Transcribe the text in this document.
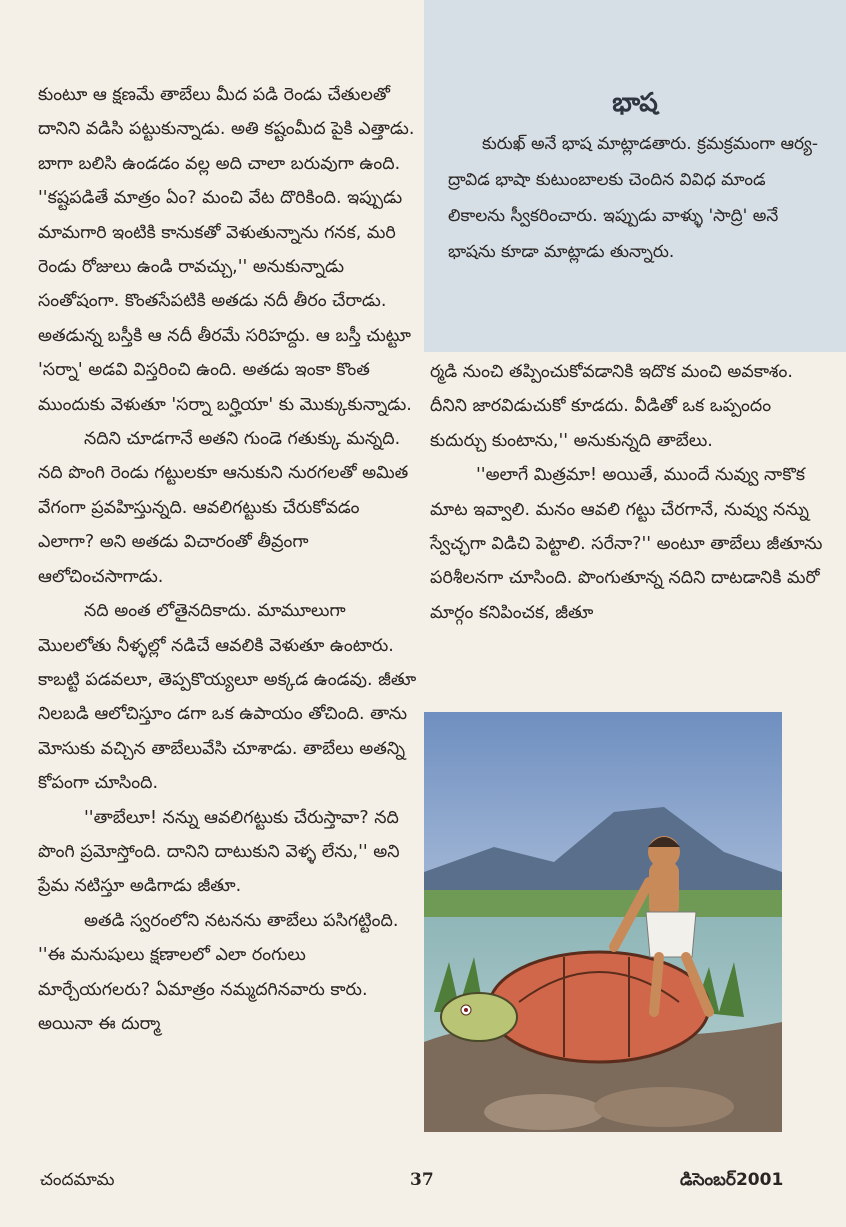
కుంటూ ఆ క్షణమే తాబేలు మీద పడి రెండు చేతులతో దానిని వడిసి పట్టుకున్నాడు. అతి కష్టంమీద పైకి ఎత్తాడు. బాగా బలిసి ఉండడం వల్ల అది చాలా బరువుగా ఉంది. ''కష్టపడితే మాత్రం ఏం? మంచి వేట దొరికింది. ఇప్పుడు మామగారి ఇంటికి కానుకతో వెళుతున్నాను గనక, మరి రెండు రోజులు ఉండి రావచ్చు,'' అనుకున్నాడు సంతోషంగా. కొంతసేపటికి అతడు నదీ తీరం చేరాడు. అతడున్న బస్తీకి ఆ నదీ తీరమే సరిహద్దు. ఆ బస్తీ చుట్టూ 'సర్నా' అడవి విస్తరించి ఉంది. అతడు ఇంకా కొంత ముందుకు వెళుతూ 'సర్నా బర్హియా' కు మొక్కుకున్నాడు.

నదిని చూడగానే అతని గుండె గతుక్కు మన్నది. నది పొంగి రెండు గట్టులకూ ఆనుకుని నురగలతో అమిత వేగంగా ప్రవహిస్తున్నది. ఆవలిగట్టుకు చేరుకోవడం ఎలాగా? అని అతడు విచారంతో తీవ్రంగా ఆలోచించసాగాడు.

నది అంత లోతైనదికాదు. మామూలుగా మొలలోతు నీళ్ళల్లో నడిచే ఆవలికి వెళుతూ ఉంటారు. కాబట్టి పడవలూ, తెప్పకొయ్యలూ అక్కడ ఉండవు. జీతూ నిలబడి ఆలోచిస్తూం డగా ఒక ఉపాయం తోచింది. తాను మోసుకు వచ్చిన తాబేలువేసి చూశాడు. తాబేలు అతన్ని కోపంగా చూసింది.

''తాబేలూ! నన్ను ఆవలిగట్టుకు చేరుస్తావా? నది పొంగి ప్రమోస్తోంది. దానిని దాటుకుని వెళ్ళ లేను,'' అని ప్రేమ నటిస్తూ అడిగాడు జీతూ.

అతడి స్వరంలోని నటనను తాబేలు పసిగట్టింది. ''ఈ మనుషులు క్షణాలలో ఎలా రంగులు మార్చేయగలరు? ఏమాత్రం నమ్మదగినవారు కారు. అయినా ఈ దుర్మా

భాష
కురుఖ్ అనే భాష మాట్లాడతారు. క్రమక్రమంగా ఆర్య-ద్రావిడ భాషా కుటుంబాలకు చెందిన వివిధ మాండ లికాలను స్వీకరించారు. ఇప్పుడు వాళ్ళు 'సాద్రి' అనే భాషను కూడా మాట్లాడు తున్నారు.

ర్మడి నుంచి తప్పించుకోవడానికి ఇదొక మంచి అవకాశం. దీనిని జారవిడుచుకో కూడదు. వీడితో ఒక ఒప్పందం కుదుర్చు కుంటాను,'' అనుకున్నది తాబేలు.

''అలాగే మిత్రమా! అయితే, ముందే నువ్వు నాకొక మాట ఇవ్వాలి. మనం ఆవలి గట్టు చేరగానే, నువ్వు నన్ను స్వేచ్ఛగా విడిచి పెట్టాలి. సరేనా?'' అంటూ తాబేలు జీతూను పరిశీలనగా చూసింది. పొంగుతూన్న నదిని దాటడానికి మరో మార్గం కనిపించక, జీతూ

చందమామ	37	డిసెంబర్2001
